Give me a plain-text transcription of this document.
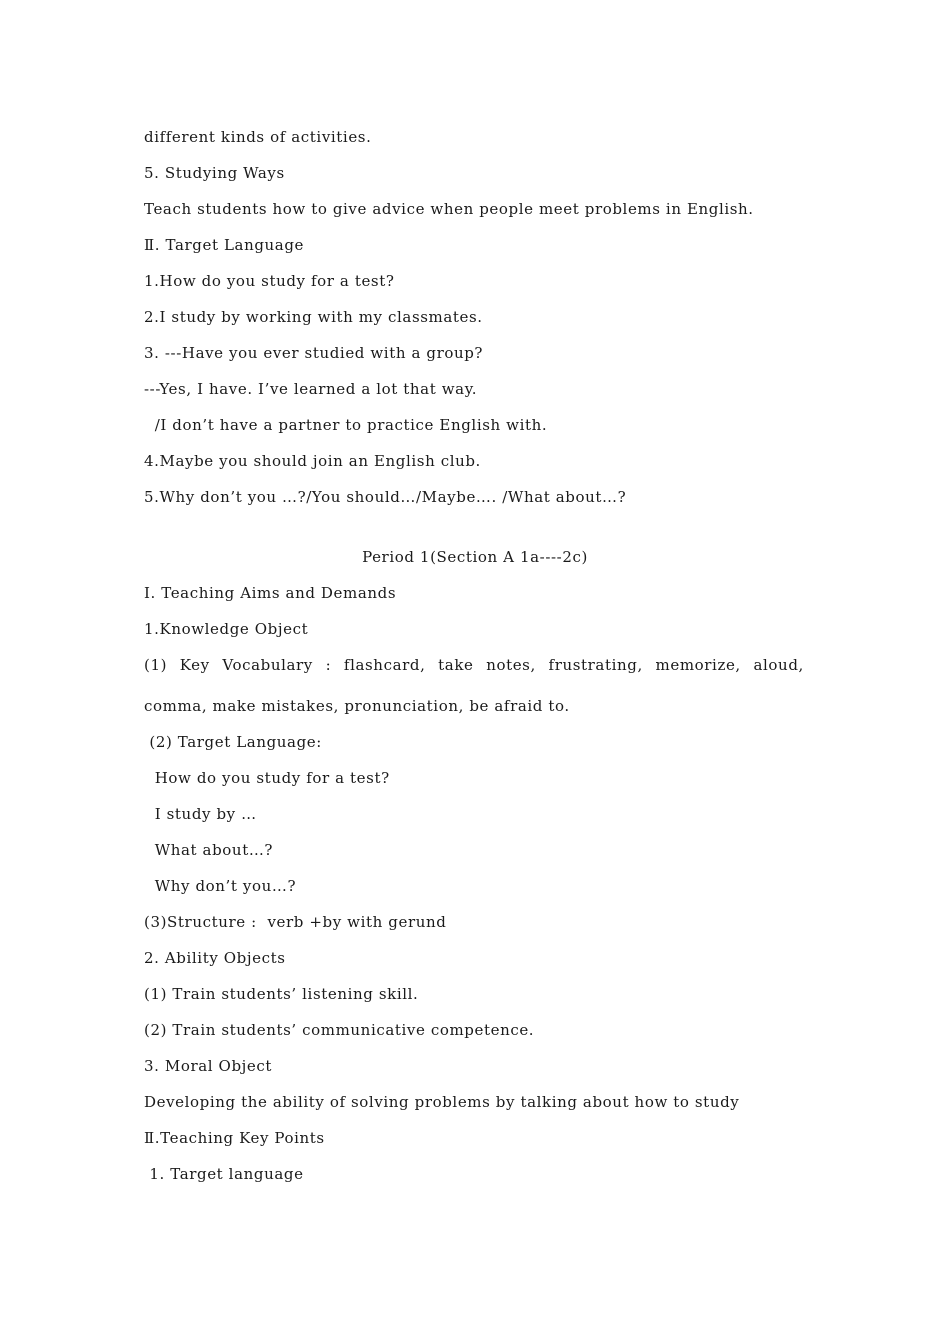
different kinds of activities.
5. Studying Ways
Teach students how to give advice when people meet problems in English.
Ⅱ. Target Language
1.How do you study for a test?
2.I study by working with my classmates.
3. ---Have you ever studied with a group?
---Yes, I have. I’ve learned a lot that way.
/I don’t have a partner to practice English with.
4.Maybe you should join an English club.
5.Why don’t you …?/You should…/Maybe…. /What about…?
Period 1(Section A 1a----2c)
Ⅰ. Teaching Aims and Demands
1.Knowledge Object
(1) Key Vocabulary : flashcard, take notes, frustrating, memorize, aloud,
comma, make mistakes, pronunciation, be afraid to.
(2) Target Language:
How do you study for a test?
I study by …
What about…?
Why don’t you…?
(3)Structure :  verb +by with gerund
2. Ability Objects
(1) Train students’ listening skill.
(2) Train students’ communicative competence.
3. Moral Object
Developing the ability of solving problems by talking about how to study
Ⅱ.Teaching Key Points
1. Target language
